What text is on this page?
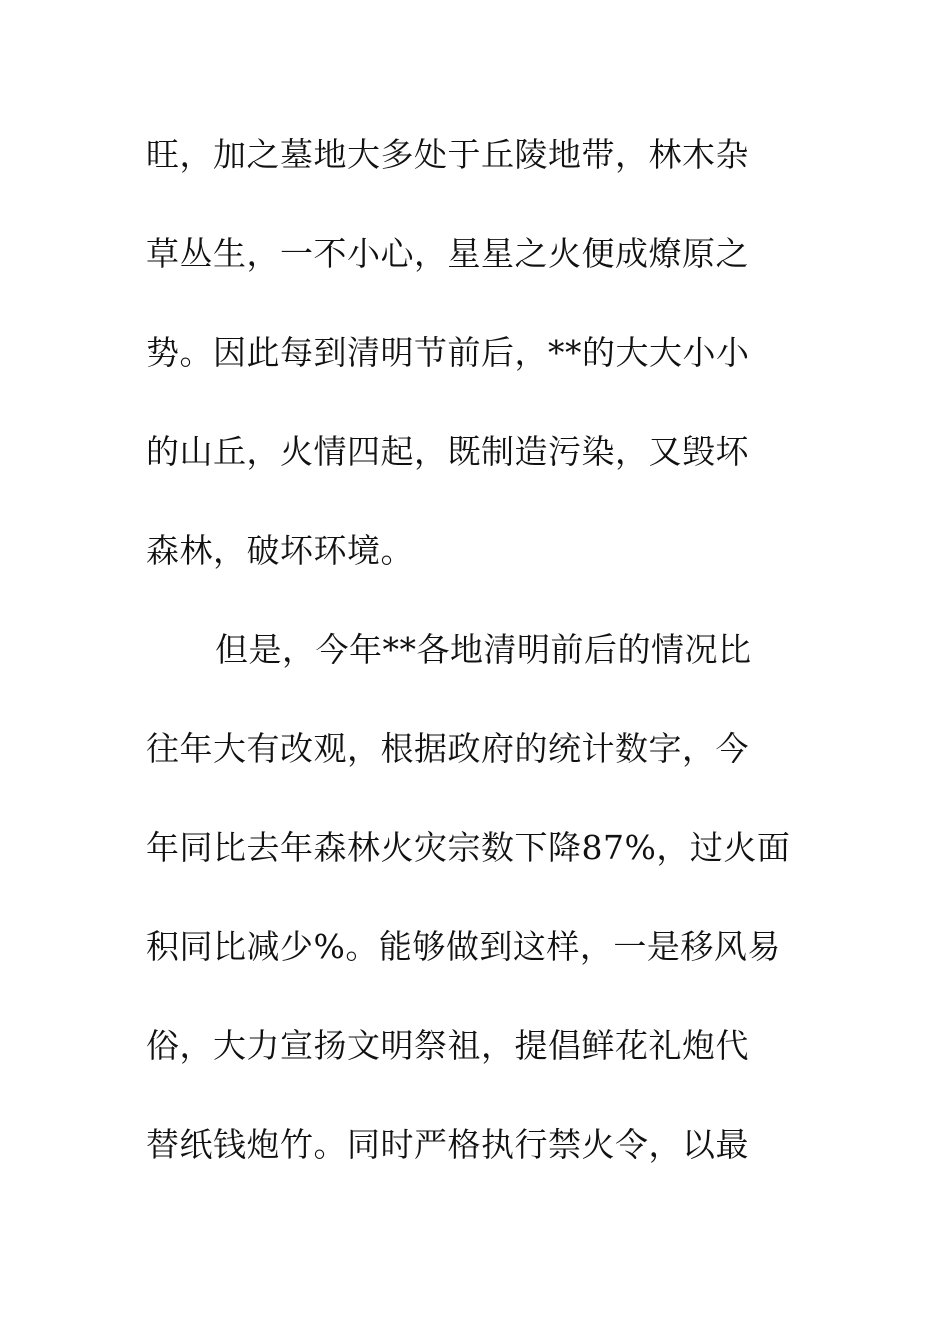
旺，加之墓地大多处于丘陵地带，林木杂
草丛生，一不小心，星星之火便成燎原之
势。因此每到清明节前后，**的大大小小
的山丘，火情四起，既制造污染，又毁坏
森林，破坏环境。
但是，今年**各地清明前后的情况比
往年大有改观，根据政府的统计数字，今
年同比去年森林火灾宗数下降87%，过火面
积同比减少%。能够做到这样，一是移风易
俗，大力宣扬文明祭祖，提倡鲜花礼炮代
替纸钱炮竹。同时严格执行禁火令，以最
